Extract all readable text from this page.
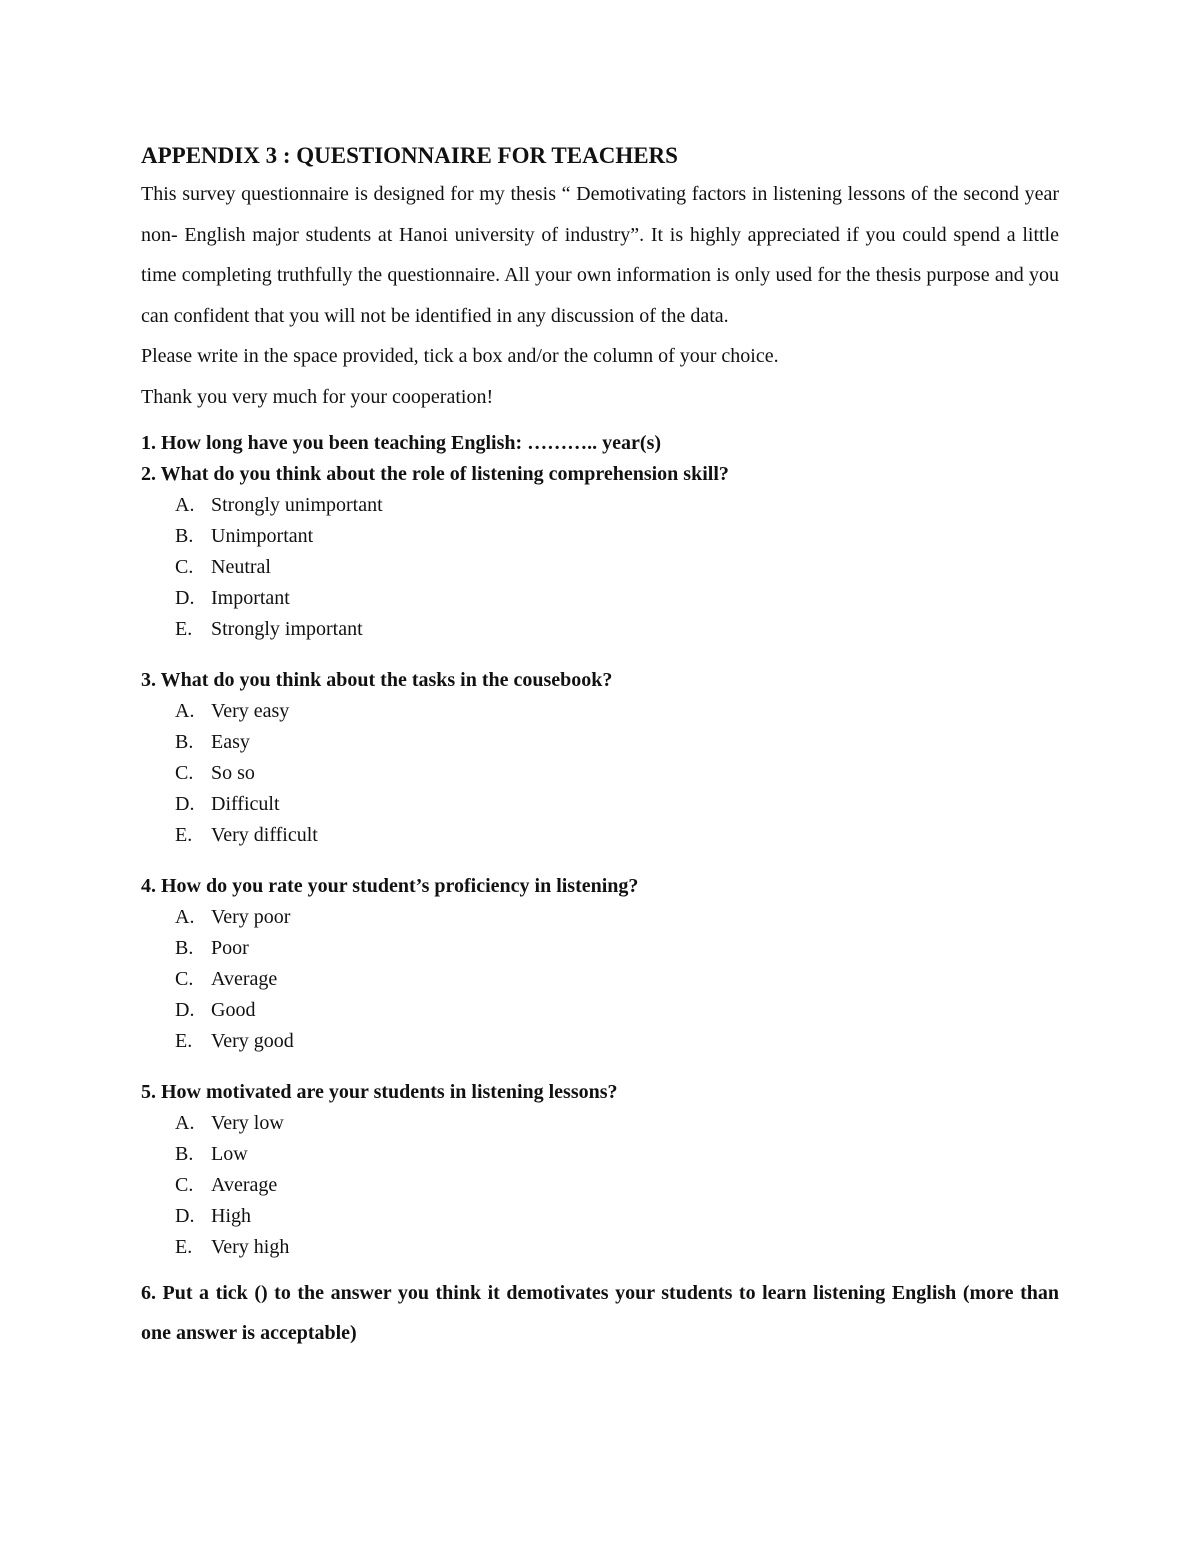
APPENDIX 3 : QUESTIONNAIRE FOR TEACHERS

This survey questionnaire is designed for my thesis “ Demotivating factors in listening lessons of the second year non- English major students at Hanoi university of industry”. It is highly appreciated if you could spend a little time completing truthfully the questionnaire. All your own information is only used for the thesis purpose and you can confident that you will not be identified in any discussion of the data.

Please write in the space provided, tick a box and/or the column of your choice.

Thank you very much for your cooperation!

1. How long have you been teaching English: ……….. year(s)

2. What do you think about the role of listening comprehension skill?

A. Strongly unimportant
B. Unimportant
C. Neutral
D. Important
E. Strongly important

3. What do you think about the tasks in the cousebook?

A. Very easy
B. Easy
C. So so
D. Difficult
E. Very difficult

4. How do you rate your student’s proficiency in listening?

A. Very poor
B. Poor
C. Average
D. Good
E. Very good

5. How motivated are your students in listening lessons?

A. Very low
B. Low
C. Average
D. High
E. Very high

6. Put a tick () to the answer you think it demotivates your students to learn listening English (more than one answer is acceptable)
